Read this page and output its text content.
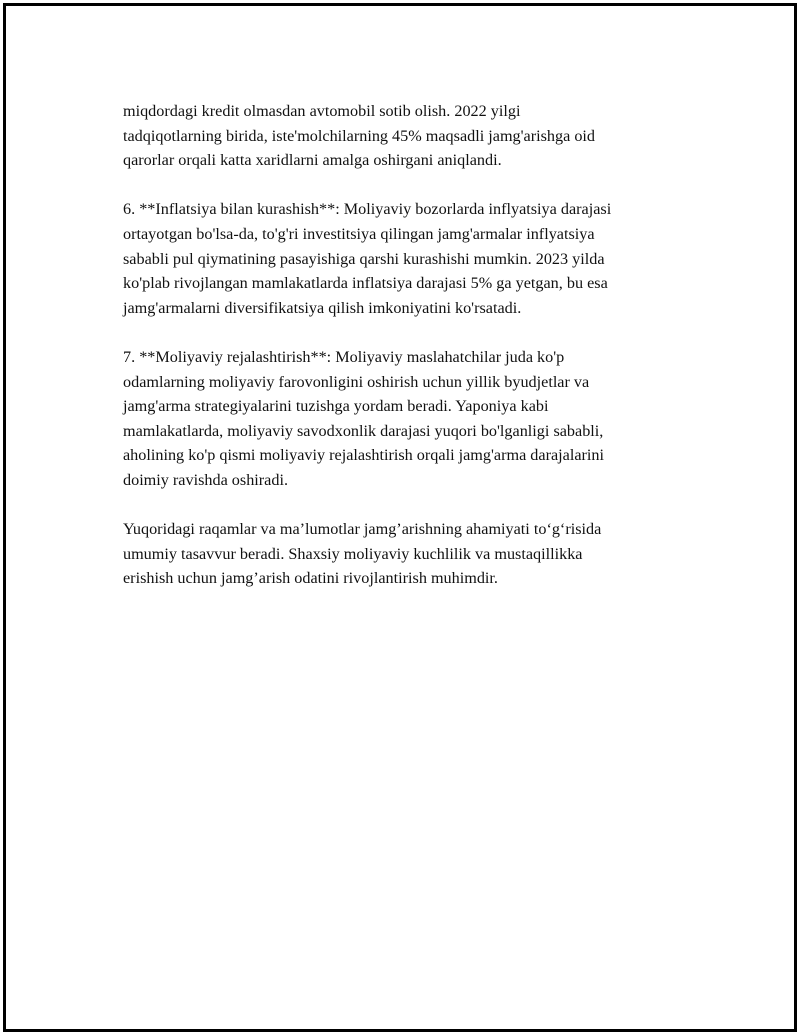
miqdordagi kredit olmasdan avtomobil sotib olish. 2022 yilgi
tadqiqotlarning birida, iste'molchilarning 45% maqsadli jamg'arishga oid
qarorlar orqali katta xaridlarni amalga oshirgani aniqlandi.

6. **Inflatsiya bilan kurashish**: Moliyaviy bozorlarda inflyatsiya darajasi
ortayotgan bo'lsa-da, to'g'ri investitsiya qilingan jamg'armalar inflyatsiya
sababli pul qiymatining pasayishiga qarshi kurashishi mumkin. 2023 yilda
ko'plab rivojlangan mamlakatlarda inflatsiya darajasi 5% ga yetgan, bu esa
jamg'armalarni diversifikatsiya qilish imkoniyatini ko'rsatadi.

7. **Moliyaviy rejalashtirish**: Moliyaviy maslahatchilar juda ko'p
odamlarning moliyaviy farovonligini oshirish uchun yillik byudjetlar va
jamg'arma strategiyalarini tuzishga yordam beradi. Yaponiya kabi
mamlakatlarda, moliyaviy savodxonlik darajasi yuqori bo'lganligi sababli,
aholining ko'p qismi moliyaviy rejalashtirish orqali jamg'arma darajalarini
doimiy ravishda oshiradi.

Yuqoridagi raqamlar va ma’lumotlar jamg’arishning ahamiyati to‘g‘risida
umumiy tasavvur beradi. Shaxsiy moliyaviy kuchlilik va mustaqillikka
erishish uchun jamg’arish odatini rivojlantirish muhimdir.
